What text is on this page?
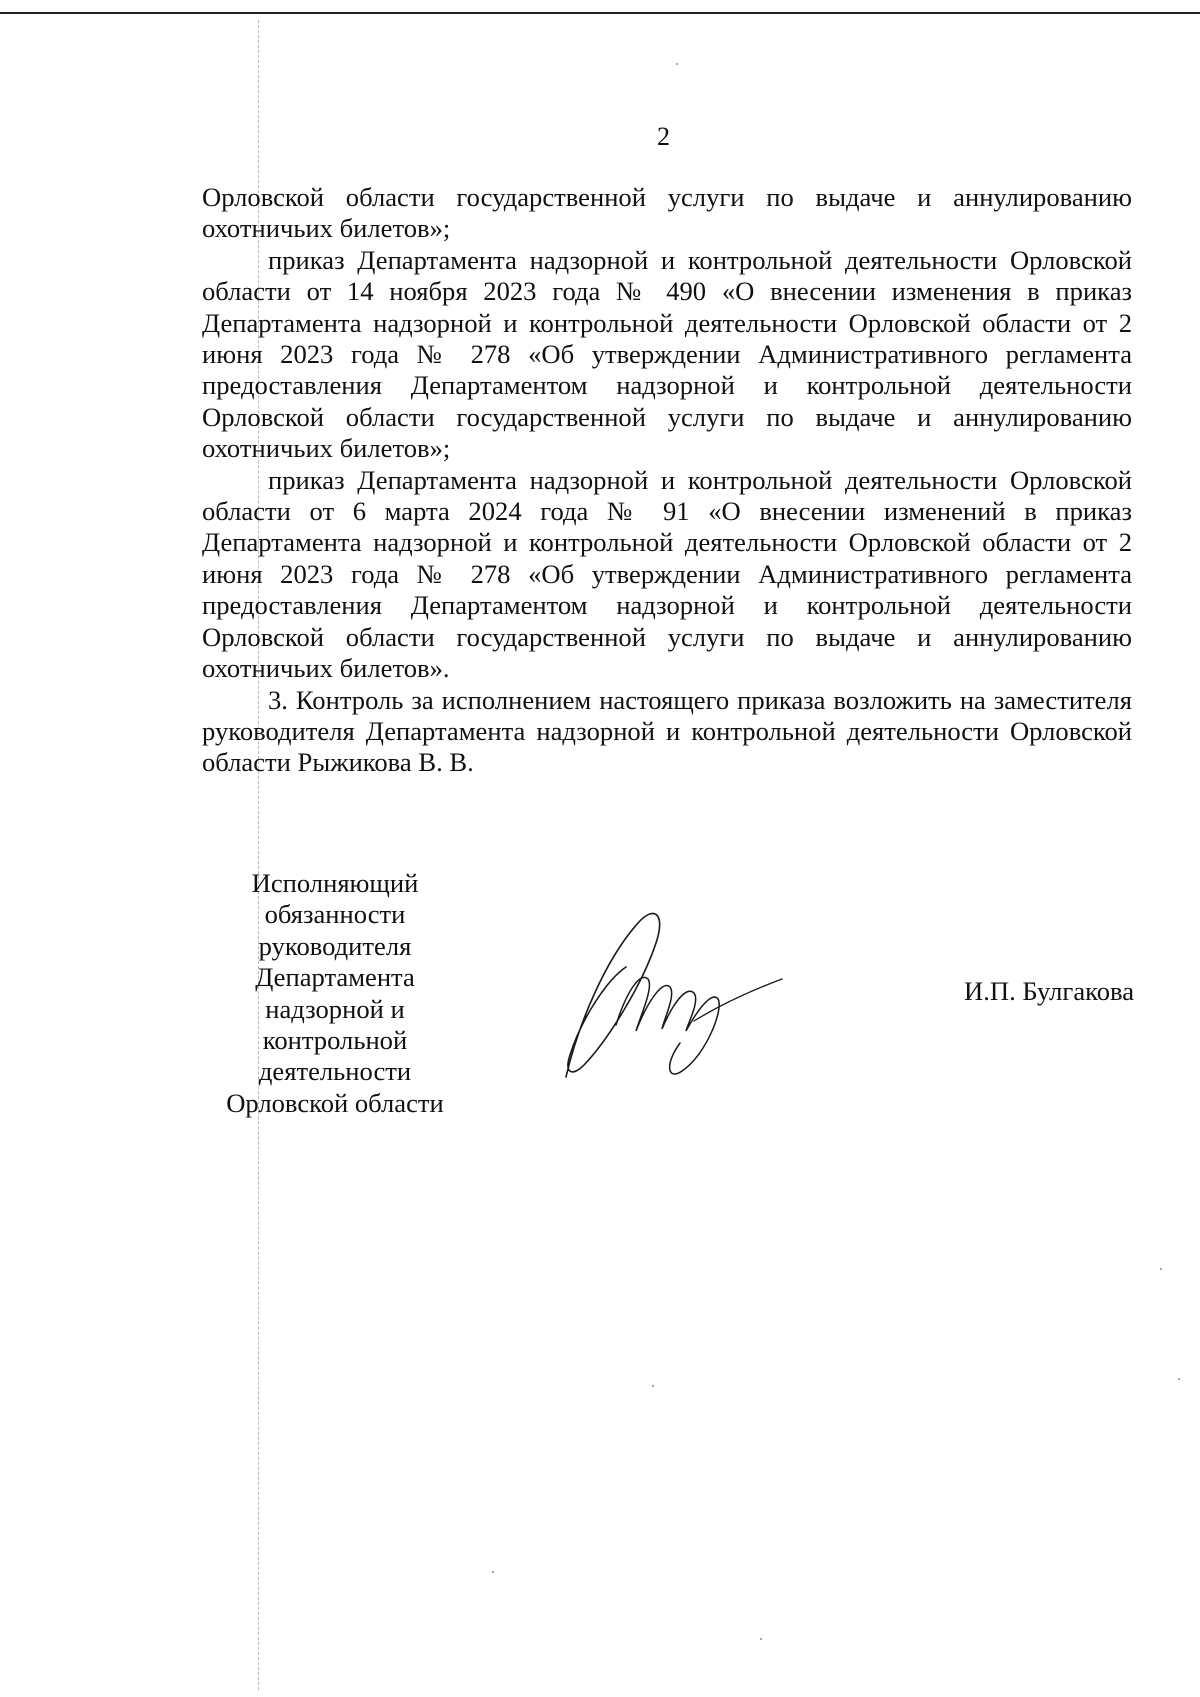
2

Орловской области государственной услуги по выдаче и аннулированию охотничьих билетов»;

приказ Департамента надзорной и контрольной деятельности Орловской области от 14 ноября 2023 года № 490 «О внесении изменения в приказ Департамента надзорной и контрольной деятельности Орловской области от 2 июня 2023 года № 278 «Об утверждении Административного регламента предоставления Департаментом надзорной и контрольной деятельности Орловской области государственной услуги по выдаче и аннулированию охотничьих билетов»;

приказ Департамента надзорной и контрольной деятельности Орловской области от 6 марта 2024 года № 91 «О внесении изменений в приказ Департамента надзорной и контрольной деятельности Орловской области от 2 июня 2023 года № 278 «Об утверждении Административного регламента предоставления Департаментом надзорной и контрольной деятельности Орловской области государственной услуги по выдаче и аннулированию охотничьих билетов».

3. Контроль за исполнением настоящего приказа возложить на заместителя руководителя Департамента надзорной и контрольной деятельности Орловской области Рыжикова В. В.

Исполняющий
обязанности
руководителя
Департамента
надзорной и
контрольной
деятельности
Орловской области
И.П. Булгакова
